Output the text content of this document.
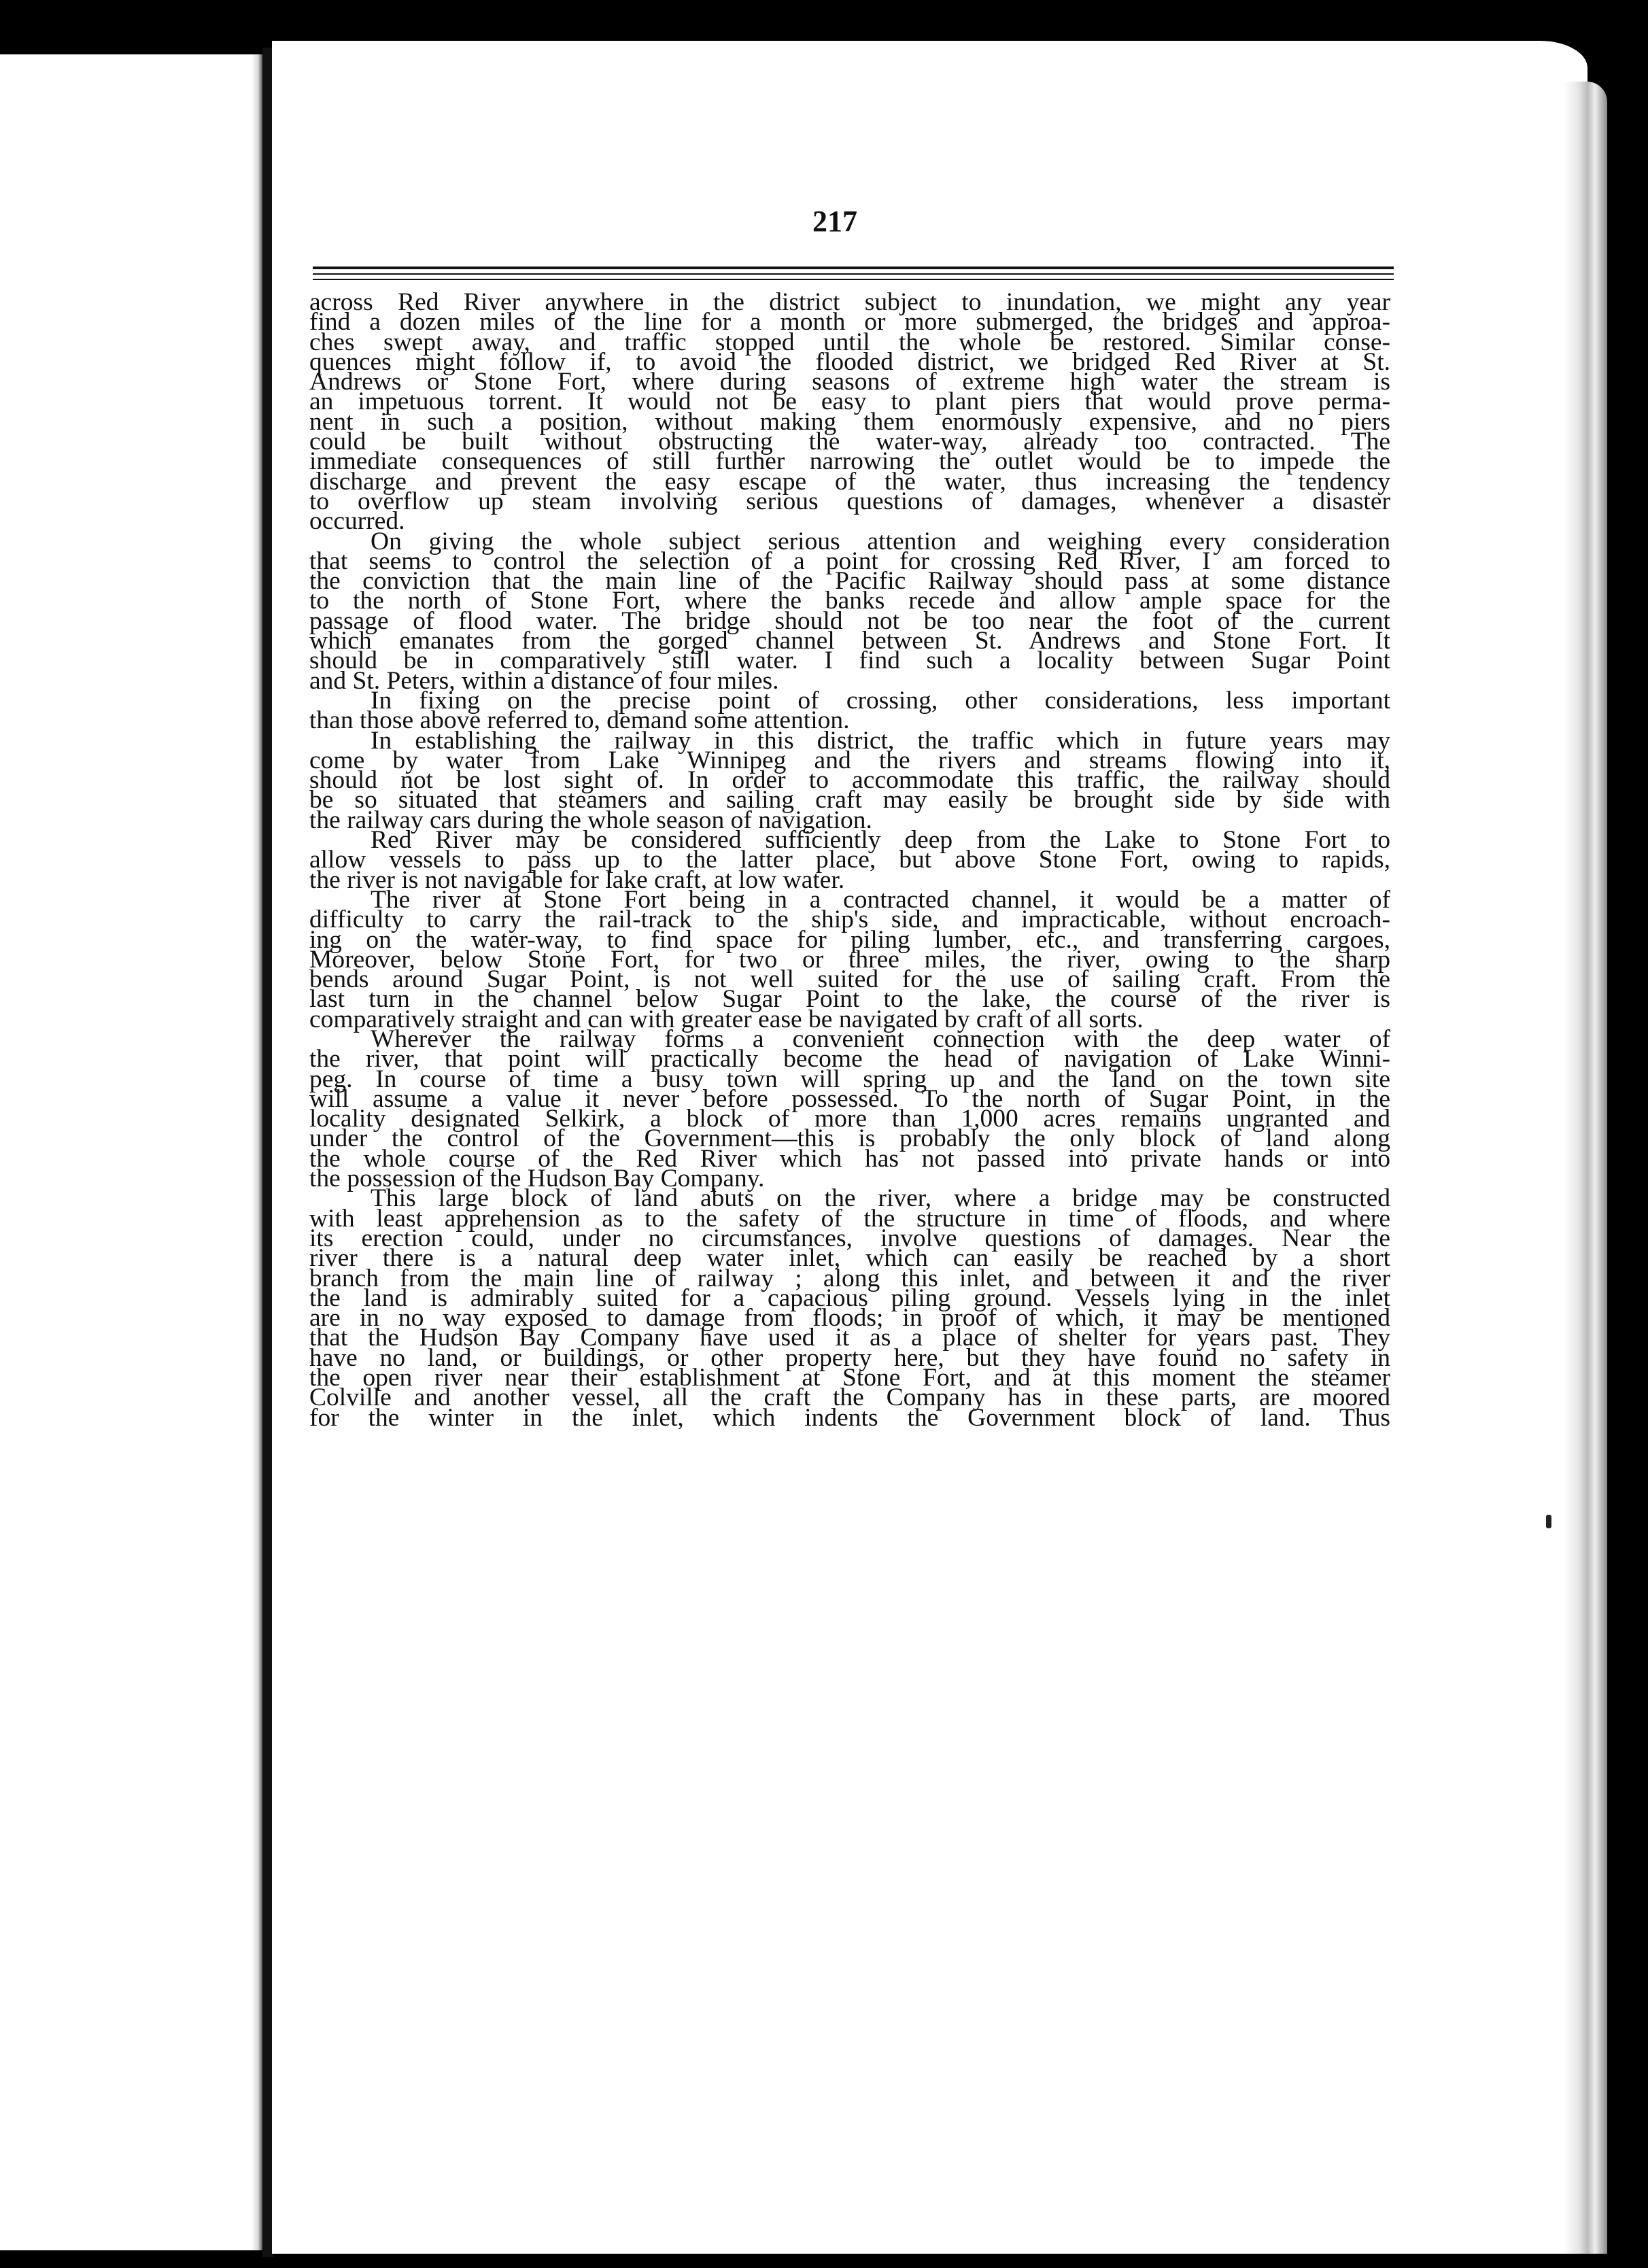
217
across Red River anywhere in the district subject to inundation, we might any year
find a dozen miles of the line for a month or more submerged, the bridges and approa-
ches swept away, and traffic stopped until the whole be restored. Similar conse-
quences might follow if, to avoid the flooded district, we bridged Red River at St.
Andrews or Stone Fort, where during seasons of extreme high water the stream is
an impetuous torrent. It would not be easy to plant piers that would prove perma-
nent in such a position, without making them enormously expensive, and no piers
could be built without obstructing the water-way, already too contracted. The
immediate consequences of still further narrowing the outlet would be to impede the
discharge and prevent the easy escape of the water, thus increasing the tendency
to overflow up steam involving serious questions of damages, whenever a disaster
occurred.
On giving the whole subject serious attention and weighing every consideration
that seems to control the selection of a point for crossing Red River, I am forced to
the conviction that the main line of the Pacific Railway should pass at some distance
to the north of Stone Fort, where the banks recede and allow ample space for the
passage of flood water. The bridge should not be too near the foot of the current
which emanates from the gorged channel between St. Andrews and Stone Fort. It
should be in comparatively still water. I find such a locality between Sugar Point
and St. Peters, within a distance of four miles.
In fixing on the precise point of crossing, other considerations, less important
than those above referred to, demand some attention.
In establishing the railway in this district, the traffic which in future years may
come by water from Lake Winnipeg and the rivers and streams flowing into it,
should not be lost sight of. In order to accommodate this traffic, the railway should
be so situated that steamers and sailing craft may easily be brought side by side with
the railway cars during the whole season of navigation.
Red River may be considered sufficiently deep from the Lake to Stone Fort to
allow vessels to pass up to the latter place, but above Stone Fort, owing to rapids,
the river is not navigable for lake craft, at low water.
The river at Stone Fort being in a contracted channel, it would be a matter of
difficulty to carry the rail-track to the ship's side, and impracticable, without encroach-
ing on the water-way, to find space for piling lumber, etc., and transferring cargoes,
Moreover, below Stone Fort, for two or three miles, the river, owing to the sharp
bends around Sugar Point, is not well suited for the use of sailing craft. From the
last turn in the channel below Sugar Point to the lake, the course of the river is
comparatively straight and can with greater ease be navigated by craft of all sorts.
Wherever the railway forms a convenient connection with the deep water of
the river, that point will practically become the head of navigation of Lake Winni-
peg. In course of time a busy town will spring up and the land on the town site
will assume a value it never before possessed. To the north of Sugar Point, in the
locality designated Selkirk, a block of more than 1,000 acres remains ungranted and
under the control of the Government—this is probably the only block of land along
the whole course of the Red River which has not passed into private hands or into
the possession of the Hudson Bay Company.
This large block of land abuts on the river, where a bridge may be constructed
with least apprehension as to the safety of the structure in time of floods, and where
its erection could, under no circumstances, involve questions of damages. Near the
river there is a natural deep water inlet, which can easily be reached by a short
branch from the main line of railway ; along this inlet, and between it and the river
the land is admirably suited for a capacious piling ground. Vessels lying in the inlet
are in no way exposed to damage from floods; in proof of which, it may be mentioned
that the Hudson Bay Company have used it as a place of shelter for years past. They
have no land, or buildings, or other property here, but they have found no safety in
the open river near their establishment at Stone Fort, and at this moment the steamer
Colville and another vessel, all the craft the Company has in these parts, are moored
for the winter in the inlet, which indents the Government block of land. Thus
